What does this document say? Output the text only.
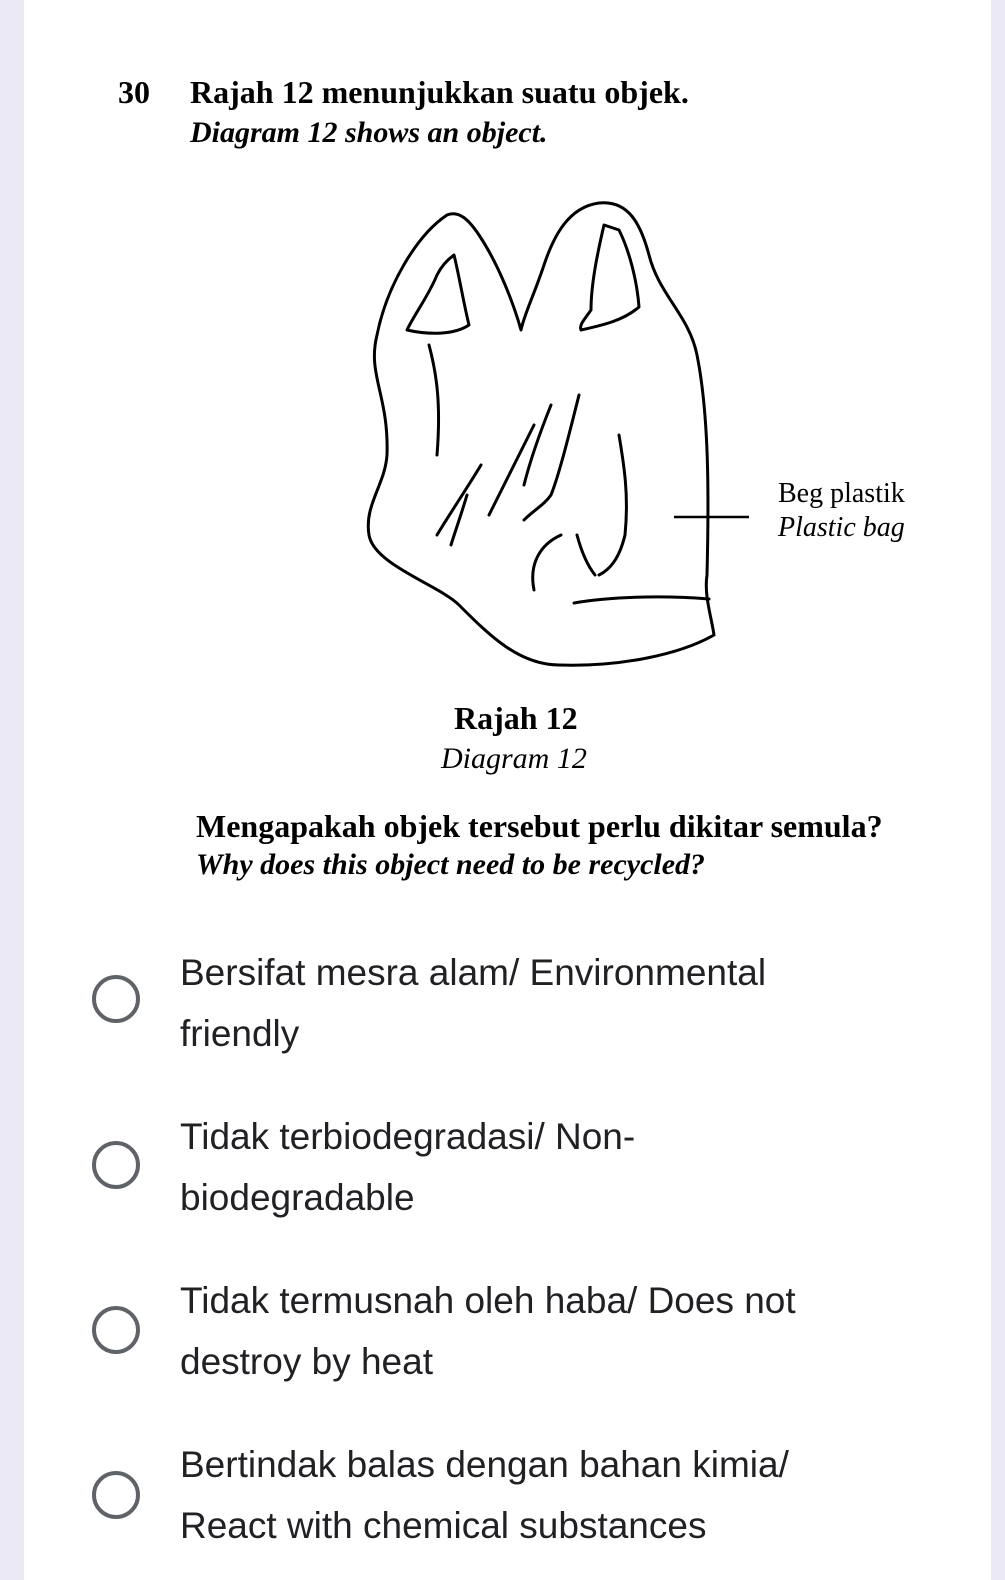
30 Rajah 12 menunjukkan suatu objek.
Diagram 12 shows an object.
Beg plastik
Plastic bag
Rajah 12
Diagram 12
Mengapakah objek tersebut perlu dikitar semula?
Why does this object need to be recycled?
Bersifat mesra alam/ Environmental
friendly
Tidak terbiodegradasi/ Non-
biodegradable
Tidak termusnah oleh haba/ Does not
destroy by heat
Bertindak balas dengan bahan kimia/
React with chemical substances
